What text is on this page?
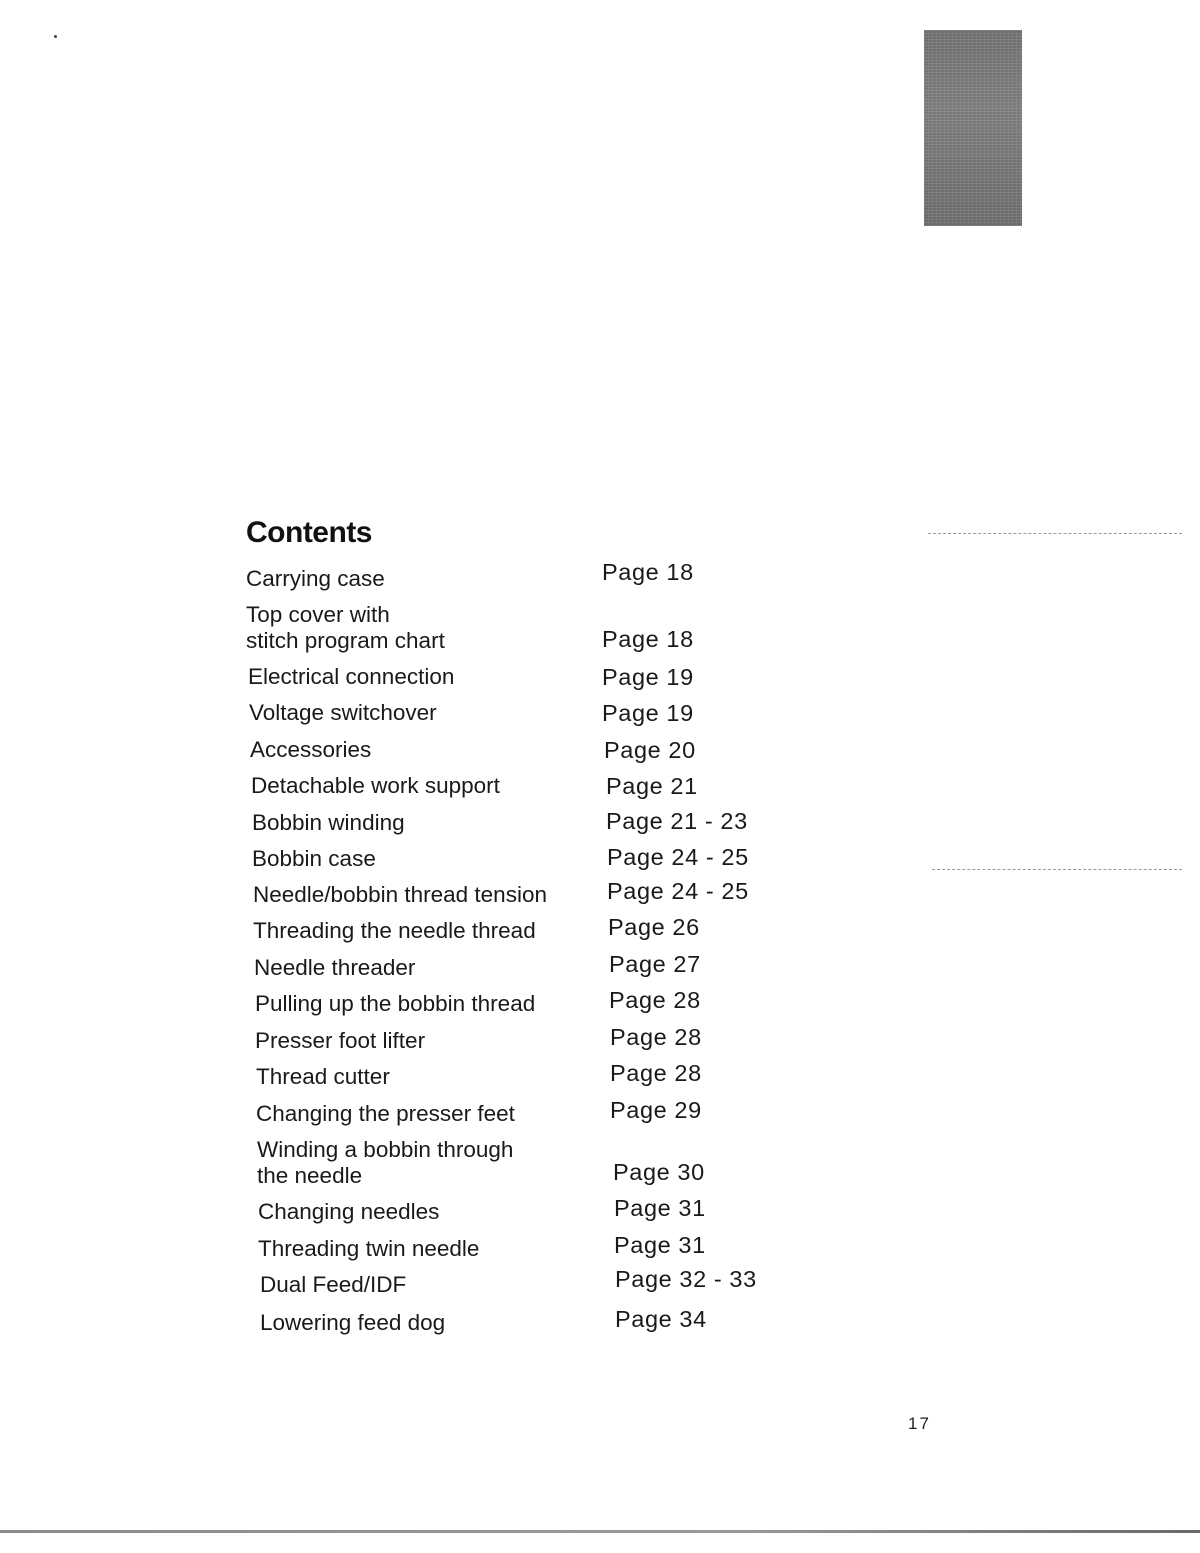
Contents
Carrying case	Page 18
Top cover with
stitch program chart	Page 18
Electrical connection	Page 19
Voltage switchover	Page 19
Accessories	Page 20
Detachable work support	Page 21
Bobbin winding	Page 21 - 23
Bobbin case	Page 24 - 25
Needle/bobbin thread tension	Page 24 - 25
Threading the needle thread	Page 26
Needle threader	Page 27
Pulling up the bobbin thread	Page 28
Presser foot lifter	Page 28
Thread cutter	Page 28
Changing the presser feet	Page 29
Winding a bobbin through
the needle	Page 30
Changing needles	Page 31
Threading twin needle	Page 31
Dual Feed/IDF	Page 32 - 33
Lowering feed dog	Page 34
17
